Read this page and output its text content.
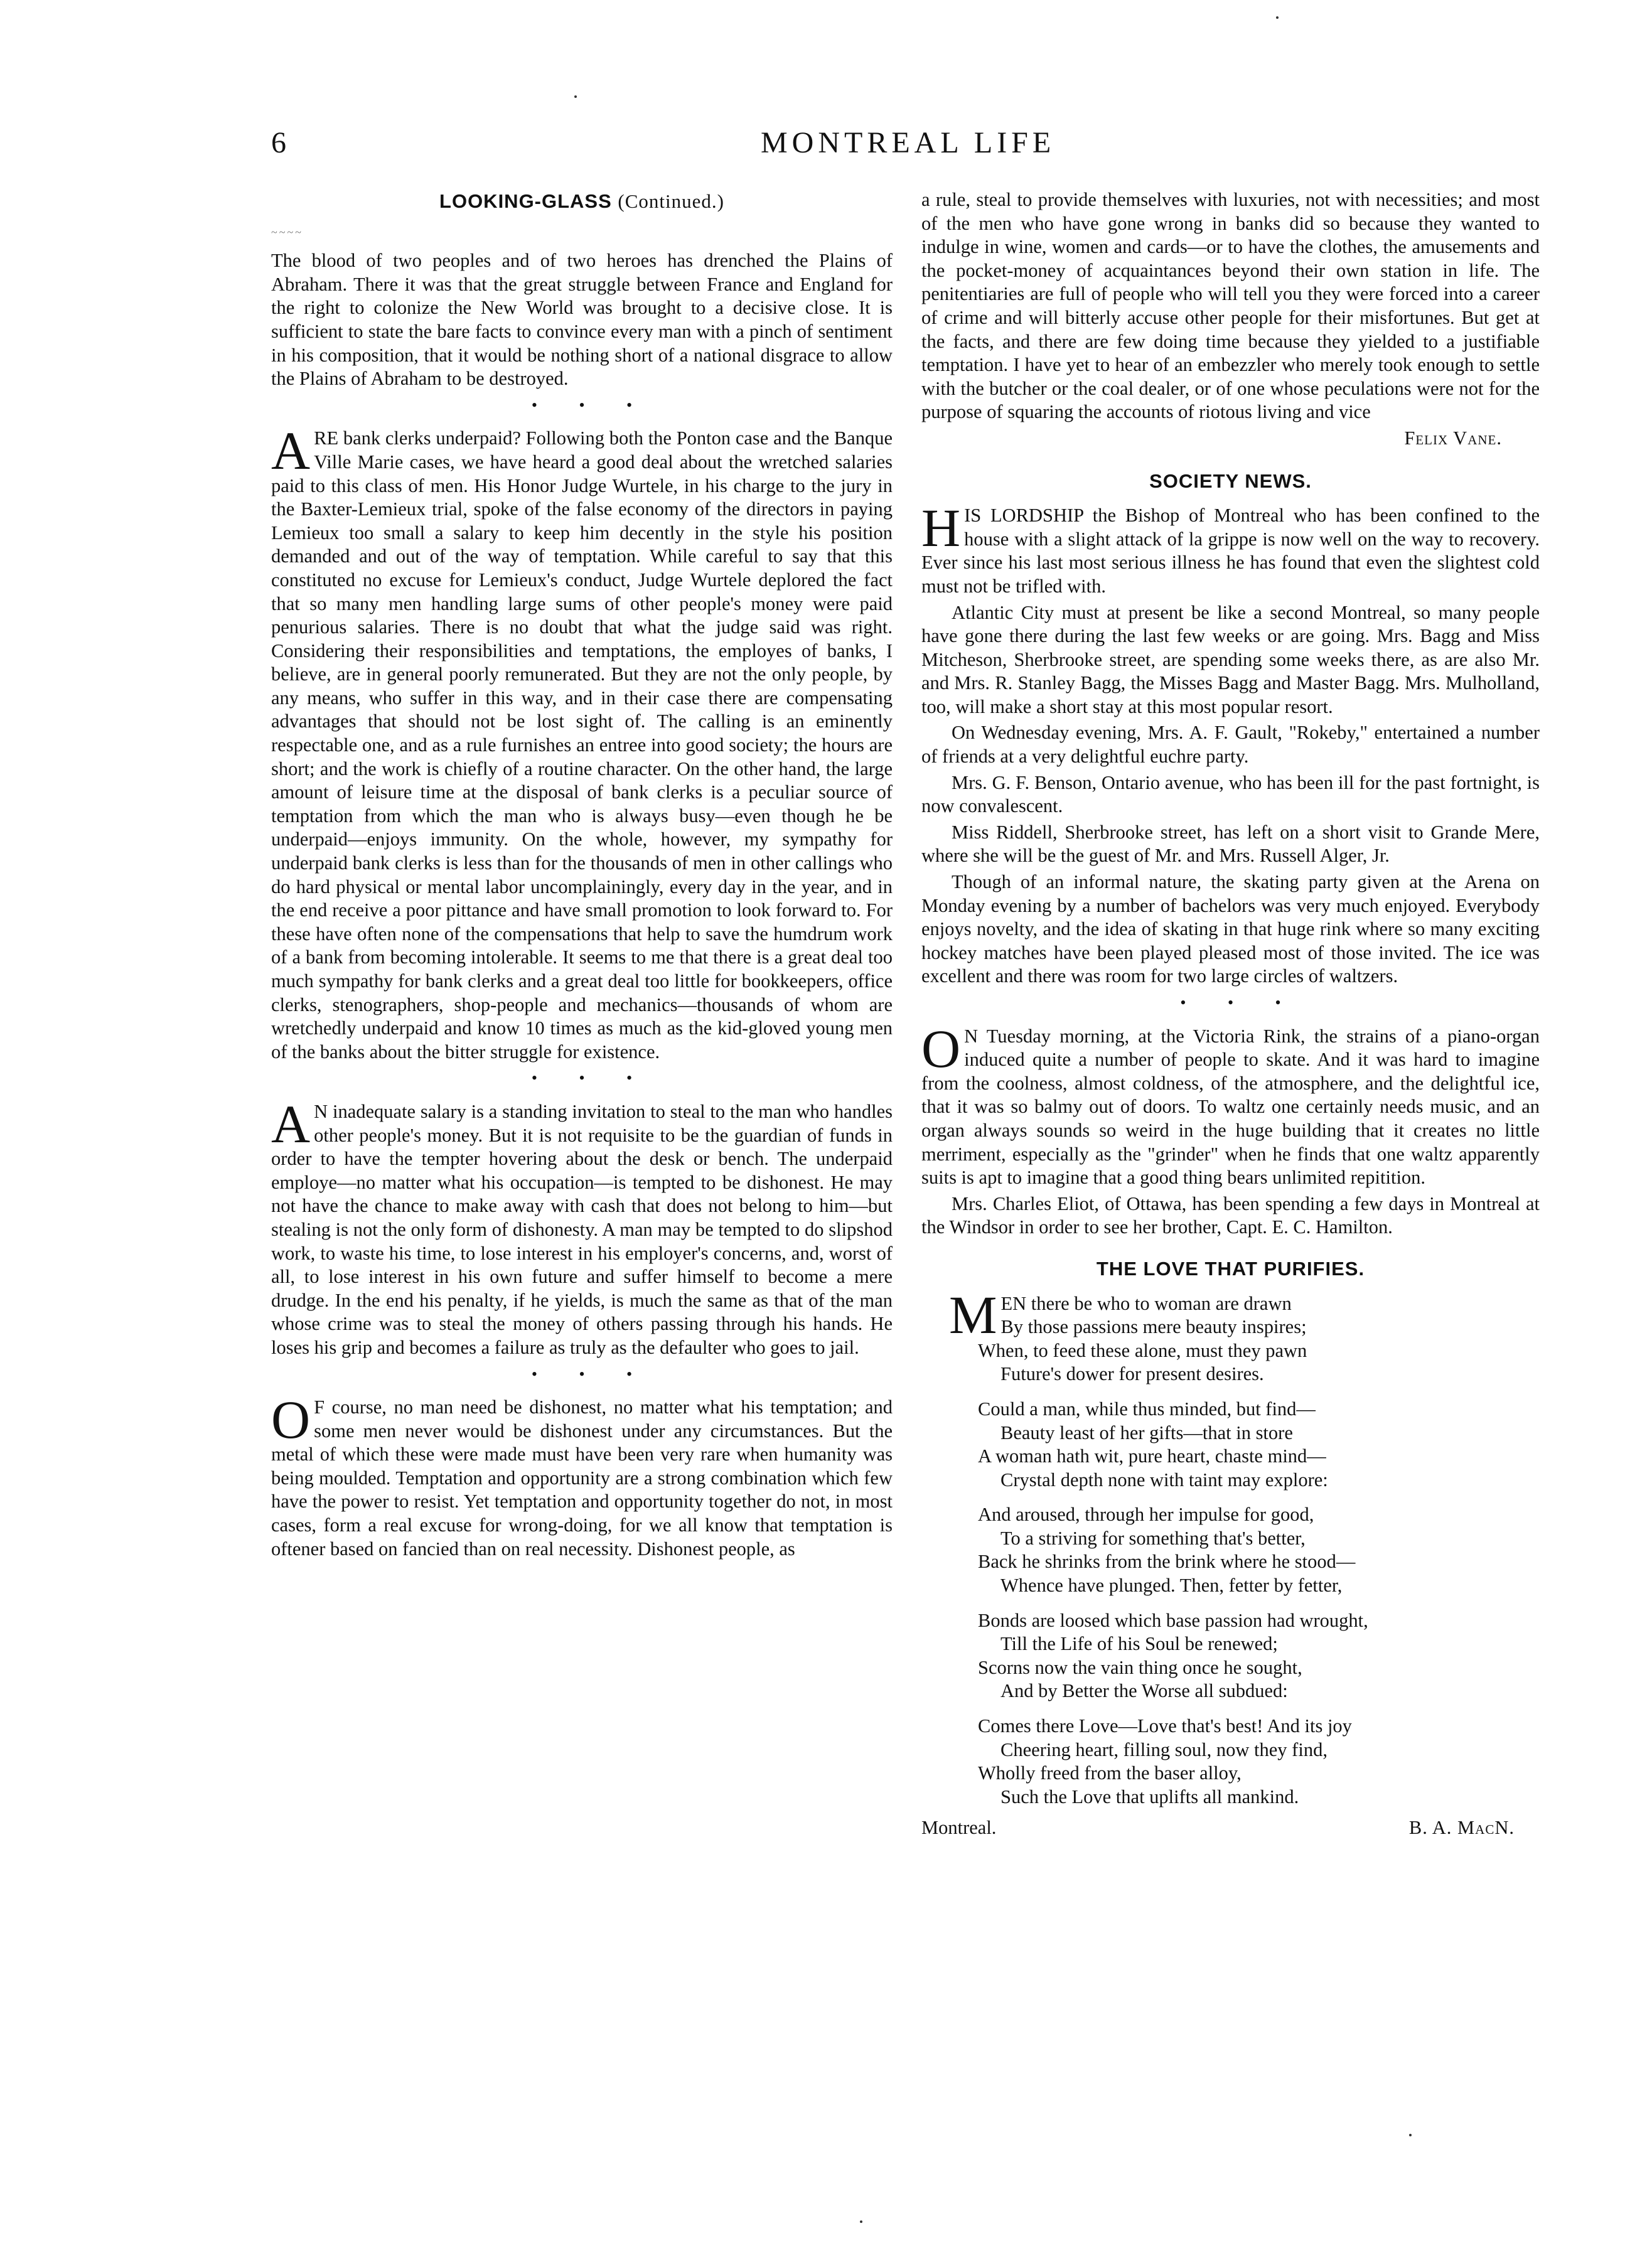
6	MONTREAL LIFE
LOOKING-GLASS (Continued.)
~~~~

The blood of two peoples and of two heroes has drenched the Plains of Abraham. There it was that the great struggle between France and England for the right to colonize the New World was brought to a decisive close. It is sufficient to state the bare facts to convince every man with a pinch of sentiment in his composition, that it would be nothing short of a national disgrace to allow the Plains of Abraham to be destroyed.

• • •

ARE bank clerks underpaid? Following both the Ponton case and the Banque Ville Marie cases, we have heard a good deal about the wretched salaries paid to this class of men. His Honor Judge Wurtele, in his charge to the jury in the Baxter-Lemieux trial, spoke of the false economy of the directors in paying Lemieux too small a salary to keep him decently in the style his position demanded and out of the way of temptation. While careful to say that this constituted no excuse for Lemieux's conduct, Judge Wurtele deplored the fact that so many men handling large sums of other people's money were paid penurious salaries. There is no doubt that what the judge said was right. Considering their responsibilities and temptations, the employes of banks, I believe, are in general poorly remunerated. But they are not the only people, by any means, who suffer in this way, and in their case there are compensating advantages that should not be lost sight of. The calling is an eminently respectable one, and as a rule furnishes an entree into good society; the hours are short; and the work is chiefly of a routine character. On the other hand, the large amount of leisure time at the disposal of bank clerks is a peculiar source of temptation from which the man who is always busy—even though he be underpaid—enjoys immunity. On the whole, however, my sympathy for underpaid bank clerks is less than for the thousands of men in other callings who do hard physical or mental labor uncomplainingly, every day in the year, and in the end receive a poor pittance and have small promotion to look forward to. For these have often none of the compensations that help to save the humdrum work of a bank from becoming intolerable. It seems to me that there is a great deal too much sympathy for bank clerks and a great deal too little for bookkeepers, office clerks, stenographers, shop-people and mechanics—thousands of whom are wretchedly underpaid and know 10 times as much as the kid-gloved young men of the banks about the bitter struggle for existence.

• • •

A N inadequate salary is a standing invitation to steal to the man who handles other people's money. But it is not requisite to be the guardian of funds in order to have the tempter hovering about the desk or bench. The underpaid employe—no matter what his occupation—is tempted to be dishonest. He may not have the chance to make away with cash that does not belong to him—but stealing is not the only form of dishonesty. A man may be tempted to do slipshod work, to waste his time, to lose interest in his employer's concerns, and, worst of all, to lose interest in his own future and suffer himself to become a mere drudge. In the end his penalty, if he yields, is much the same as that of the man whose crime was to steal the money of others passing through his hands. He loses his grip and becomes a failure as truly as the defaulter who goes to jail.

• • •

O F course, no man need be dishonest, no matter what his temptation; and some men never would be dishonest under any circumstances. But the metal of which these were made must have been very rare when humanity was being moulded. Temptation and opportunity are a strong combination which few have the power to resist. Yet temptation and opportunity together do not, in most cases, form a real excuse for wrong-doing, for we all know that temptation is oftener based on fancied than on real necessity. Dishonest people, as

a rule, steal to provide themselves with luxuries, not with necessities; and most of the men who have gone wrong in banks did so because they wanted to indulge in wine, women and cards—or to have the clothes, the amusements and the pocket-money of acquaintances beyond their own station in life. The penitentiaries are full of people who will tell you they were forced into a career of crime and will bitterly accuse other people for their misfortunes. But get at the facts, and there are few doing time because they yielded to a justifiable temptation. I have yet to hear of an embezzler who merely took enough to settle with the butcher or the coal dealer, or of one whose peculations were not for the purpose of squaring the accounts of riotous living and vice

Felix Vane.
SOCIETY NEWS.

HIS LORDSHIP the Bishop of Montreal who has been confined to the house with a slight attack of la grippe is now well on the way to recovery. Ever since his last most serious illness he has found that even the slightest cold must not be trifled with.

Atlantic City must at present be like a second Montreal, so many people have gone there during the last few weeks or are going. Mrs. Bagg and Miss Mitcheson, Sherbrooke street, are spending some weeks there, as are also Mr. and Mrs. R. Stanley Bagg, the Misses Bagg and Master Bagg. Mrs. Mulholland, too, will make a short stay at this most popular resort.

On Wednesday evening, Mrs. A. F. Gault, "Rokeby," entertained a number of friends at a very delightful euchre party.

Mrs. G. F. Benson, Ontario avenue, who has been ill for the past fortnight, is now convalescent.

Miss Riddell, Sherbrooke street, has left on a short visit to Grande Mere, where she will be the guest of Mr. and Mrs. Russell Alger, Jr.

Though of an informal nature, the skating party given at the Arena on Monday evening by a number of bachelors was very much enjoyed. Everybody enjoys novelty, and the idea of skating in that huge rink where so many exciting hockey matches have been played pleased most of those invited. The ice was excellent and there was room for two large circles of waltzers.

• • •

O N Tuesday morning, at the Victoria Rink, the strains of a piano-organ induced quite a number of people to skate. And it was hard to imagine from the coolness, almost coldness, of the atmosphere, and the delightful ice, that it was so balmy out of doors. To waltz one certainly needs music, and an organ always sounds so weird in the huge building that it creates no little merriment, especially as the "grinder" when he finds that one waltz apparently suits is apt to imagine that a good thing bears unlimited repitition.

Mrs. Charles Eliot, of Ottawa, has been spending a few days in Montreal at the Windsor in order to see her brother, Capt. E. C. Hamilton.

THE LOVE THAT PURIFIES.
M EN there be who to woman are drawn
By those passions mere beauty inspires;
When, to feed these alone, must they pawn
Future's dower for present desires.
Could a man, while thus minded, but find—
Beauty least of her gifts—that in store
A woman hath wit, pure heart, chaste mind—
Crystal depth none with taint may explore:
And aroused, through her impulse for good,
To a striving for something that's better,
Back he shrinks from the brink where he stood—
Whence have plunged. Then, fetter by fetter,
Bonds are loosed which base passion had wrought,
Till the Life of his Soul be renewed;
Scorns now the vain thing once he sought,
And by Better the Worse all subdued:
Comes there Love—Love that's best! And its joy
Cheering heart, filling soul, now they find,
Wholly freed from the baser alloy,
Such the Love that uplifts all mankind.
Montreal.	B. A. MacN.
